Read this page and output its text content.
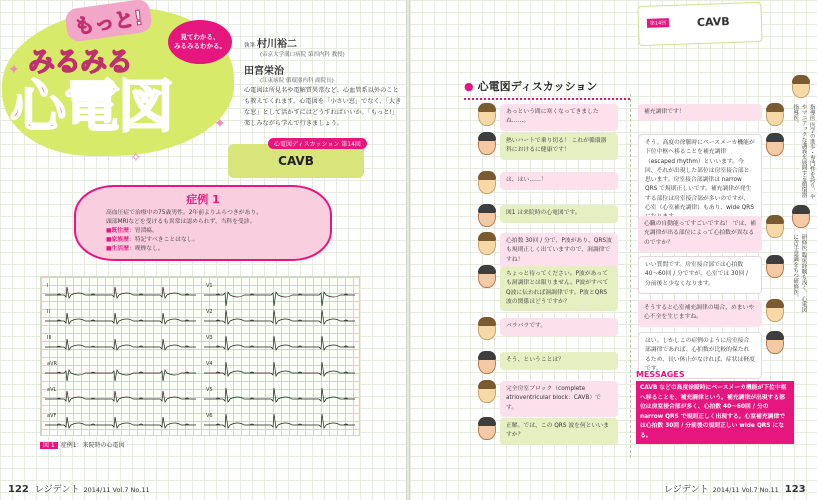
もっと!
みるみる
心電図
✦
✦
✧
見てわかる、
みるみるわかる。	執筆 村川裕二
(帝京大学溝口病院 第四内科 教授)
田宮栄治
(江東病院 循環器内科 副院長)

心電図は所見名や電解質異常など、心血管系以外のことも教えてくれます。心電図を「小さい窓」でなく、「大きな窓」として活かすにはどうすればいいか。「もっと!」楽しみながら学んで行きましょう。

心電図ディスカッション 第14回
CAVB
症例 1
高血圧症で治療中の75歳男性。2年前よりふらつきがあり、
頭部MRIなどを受けるも異常は認められず、当科を受診。
■既往歴：胃潰瘍。
■家族歴：特記すべきことはなし。
■生活歴：喫煙なし。
I
II
III
aVR
aVL
aVF
V1
V2
V3
V4
V5
V6
図 1 症例1：来院時の心電図
122 レジデント 2014/11 Vol.7 No.11
第14回	CAVB
● 心電図ディスカッション
あっという間に寒くなってきましたね……。
熱いハートで乗り切る！ これが循環器科におけるに健康です！
は、はい……！
図1 は来院時の心電図です。
心拍数 30回 / 分で、P波があり、QRS波も規則正しく出ていますので、洞調律ですね！
ちょっと待ってください。P波があっても洞調律とは限りません。P波がすべてQ波に伝われば洞調律です。P波とQRS波の関係はどうですか？
バラバラです。
そう、ということは？
完全房室ブロック（complete atrioventricular block：CAVB）です。
正解。では、この QRS 波を何といいますか？
補充調律です！
そう。高度の徐脈時にペースメーカ機能が下位中枢へ移ることを補充調律（escaped rhythm）といいます。今回、それが出現した部位は房室接合部と思います。房室接合部調律は narrow QRS で規則正しいです。補充調律が発生する部位は房室接合部が多いのですが、心室（心室補充調律）もあり、wide QRS
心臓の自動能ってすごいですね！ では、補充調律が出る部位によって心拍数が異なるのですか？
いい質問です。房室接合部では心拍数 40〜60回 / 分ですが、心室では 30回 / 分前後と少なくなります。
そうすると心室補充調律の場合、めまいや心不全を生じますね。
はい。しかしこの症例のように房室接合部調律であれば、心拍数が比較的保たれるため、長い休止がなければ、症状は軽度です。
MESSAGES
CAVB などの高度徐脈時にペースメーカ機能が下位中枢へ移ることを、補充調律という。補充調律が出現する部位は房室接合部が多く、心拍数 40〜60回 / 分の narrow QRS で規則正しく出現する。心室補充調律では心拍数 30回 / 分前後の規則正しい wide QRS になる。
指導医 医学の進歩・専門性を誇り、ややマニアックな講義を展開する循環器指導医。
研修医 臨床経験も浅く、心電図に苦手意識をもつ研修医。
レジデント 2014/11 Vol.7 No.11 123
